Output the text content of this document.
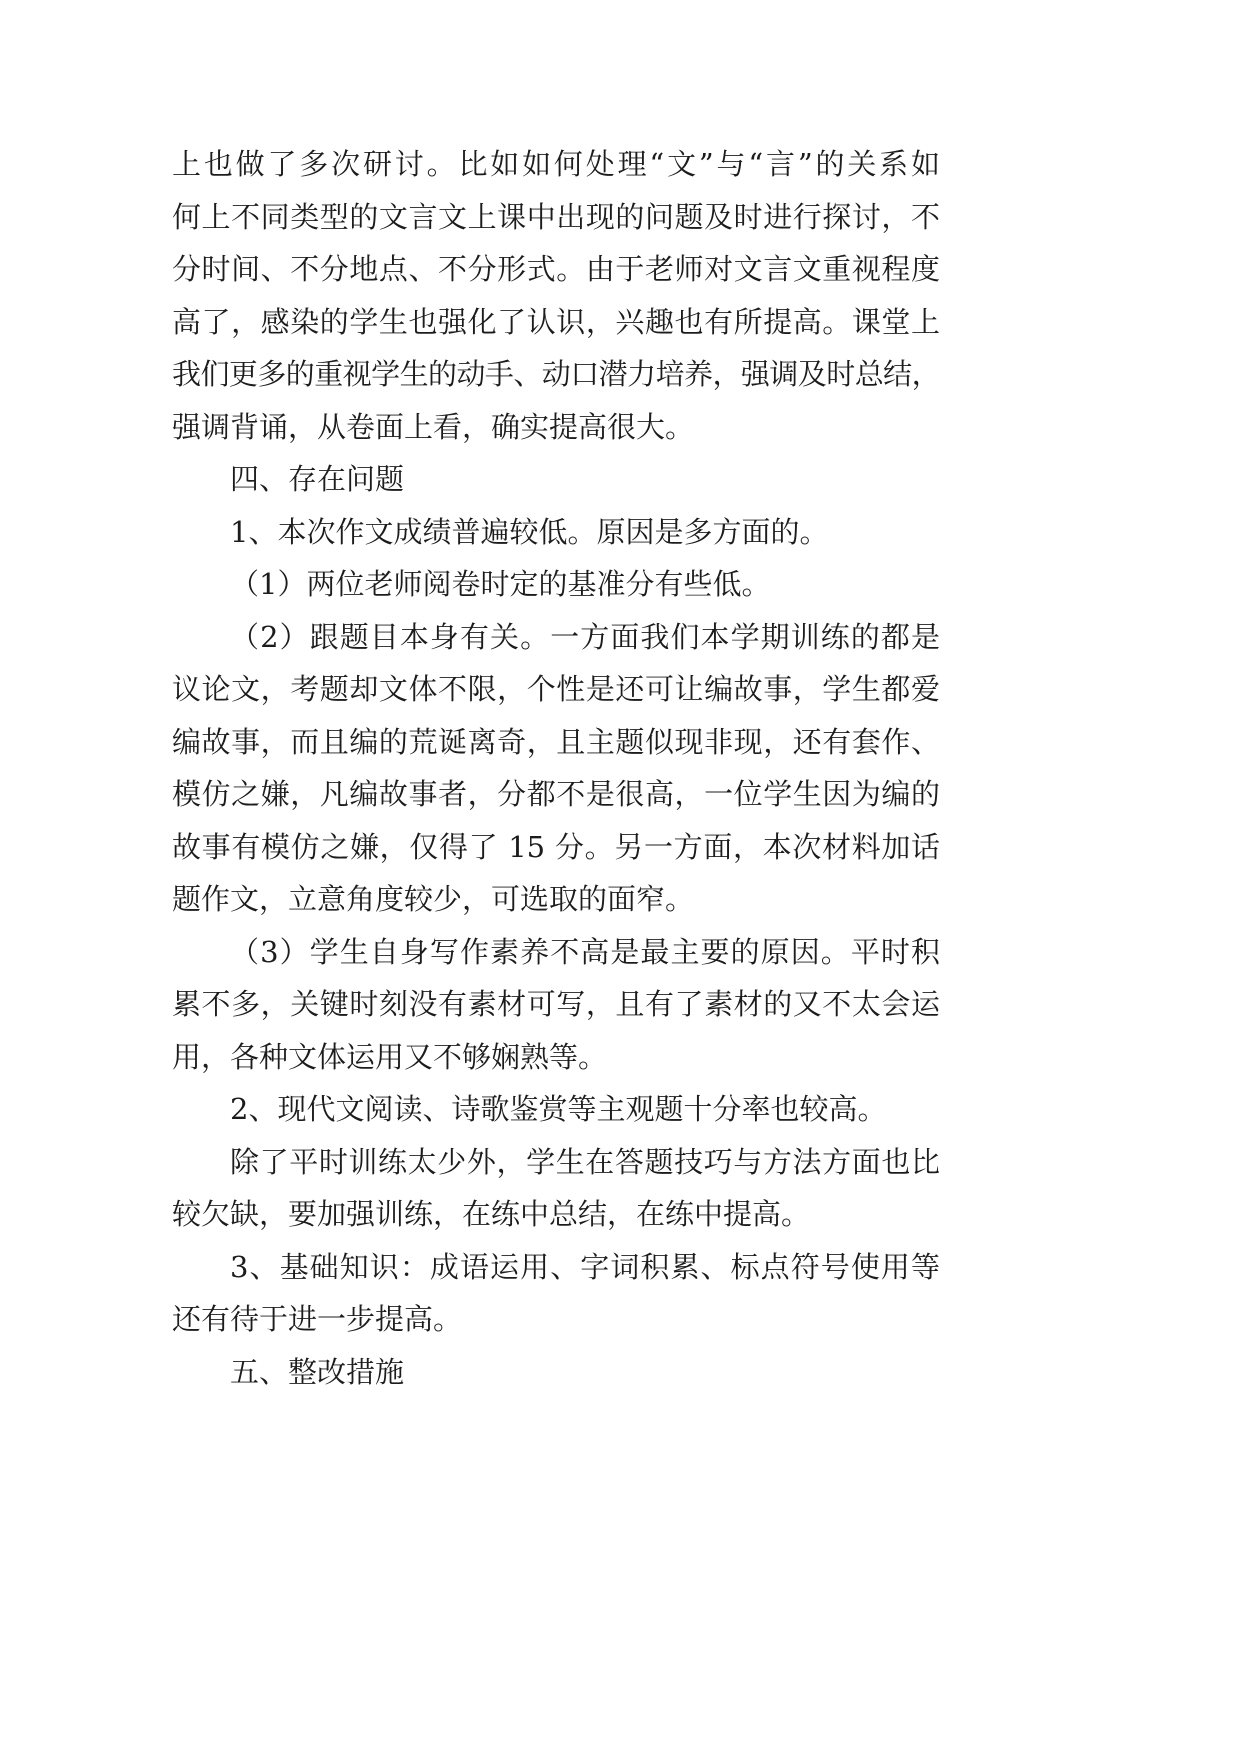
上也做了多次研讨。比如如何处理“文”与“言”的关系如
何上不同类型的文言文上课中出现的问题及时进行探讨，不
分时间、不分地点、不分形式。由于老师对文言文重视程度
高了，感染的学生也强化了认识，兴趣也有所提高。课堂上
我们更多的重视学生的动手、动口潜力培养，强调及时总结，
强调背诵，从卷面上看，确实提高很大。
四、存在问题
1、本次作文成绩普遍较低。原因是多方面的。
（1）两位老师阅卷时定的基准分有些低。
（2）跟题目本身有关。一方面我们本学期训练的都是
议论文，考题却文体不限，个性是还可让编故事，学生都爱
编故事，而且编的荒诞离奇，且主题似现非现，还有套作、
模仿之嫌，凡编故事者，分都不是很高，一位学生因为编的
故事有模仿之嫌，仅得了 15 分。另一方面，本次材料加话
题作文，立意角度较少，可选取的面窄。
（3）学生自身写作素养不高是最主要的原因。平时积
累不多，关键时刻没有素材可写，且有了素材的又不太会运
用，各种文体运用又不够娴熟等。
2、现代文阅读、诗歌鉴赏等主观题十分率也较高。
除了平时训练太少外，学生在答题技巧与方法方面也比
较欠缺，要加强训练，在练中总结，在练中提高。
3、基础知识：成语运用、字词积累、标点符号使用等
还有待于进一步提高。
五、整改措施
